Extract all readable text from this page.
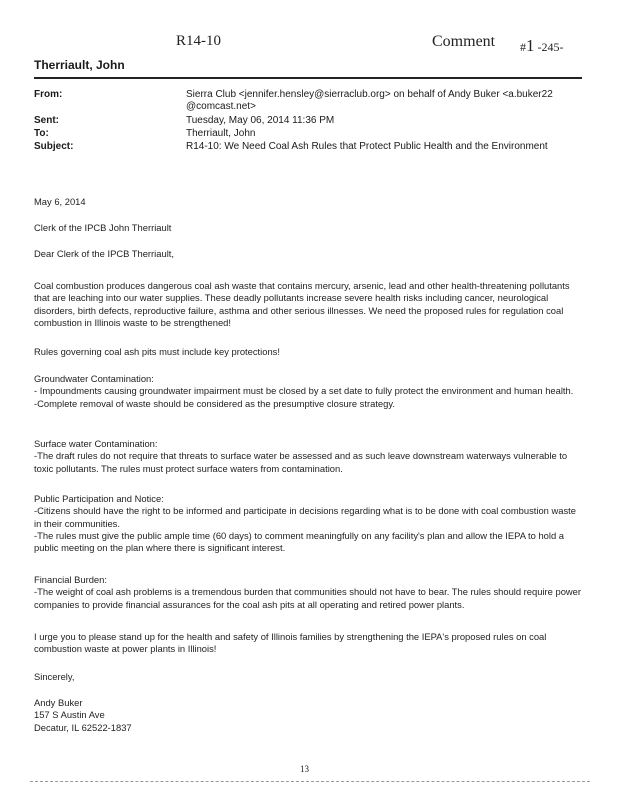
R14-10	Comment #1 -245-
Therriault, John
From:	Sierra Club <jennifer.hensley@sierraclub.org> on behalf of Andy Buker <a.buker22
@comcast.net>
Sent:	Tuesday, May 06, 2014 11:36 PM
To:	Therriault, John
Subject:	R14-10: We Need Coal Ash Rules that Protect Public Health and the Environment
May 6, 2014
Clerk of the IPCB John Therriault
Dear Clerk of the IPCB Therriault,
Coal combustion produces dangerous coal ash waste that contains mercury, arsenic, lead and other health-threatening pollutants that are leaching into our water supplies. These deadly pollutants increase severe health risks including cancer, neurological disorders, birth defects, reproductive failure, asthma and other serious illnesses. We need the proposed rules for regulation coal combustion in Illinois waste to be strengthened!
Rules governing coal ash pits must include key protections!

Groundwater Contamination:

- Impoundments causing groundwater impairment must be closed by a set date to fully protect the environment and human health.

-Complete removal of waste should be considered as the presumptive closure strategy.

Surface water Contamination:

-The draft rules do not require that threats to surface water be assessed and as such leave downstream waterways vulnerable to toxic pollutants. The rules must protect surface waters from contamination.

Public Participation and Notice:

-Citizens should have the right to be informed and participate in decisions regarding what is to be done with coal combustion waste in their communities.

-The rules must give the public ample time (60 days) to comment meaningfully on any facility's plan and allow the IEPA to hold a public meeting on the plan where there is significant interest.

Financial Burden:

-The weight of coal ash problems is a tremendous burden that communities should not have to bear. The rules should require power companies to provide financial assurances for the coal ash pits at all operating and retired power plants.

I urge you to please stand up for the health and safety of Illinois families by strengthening the IEPA's proposed rules on coal combustion waste at power plants in Illinois!
Sincerely,

Andy Buker

157 S Austin Ave

Decatur, IL 62522-1837

13
